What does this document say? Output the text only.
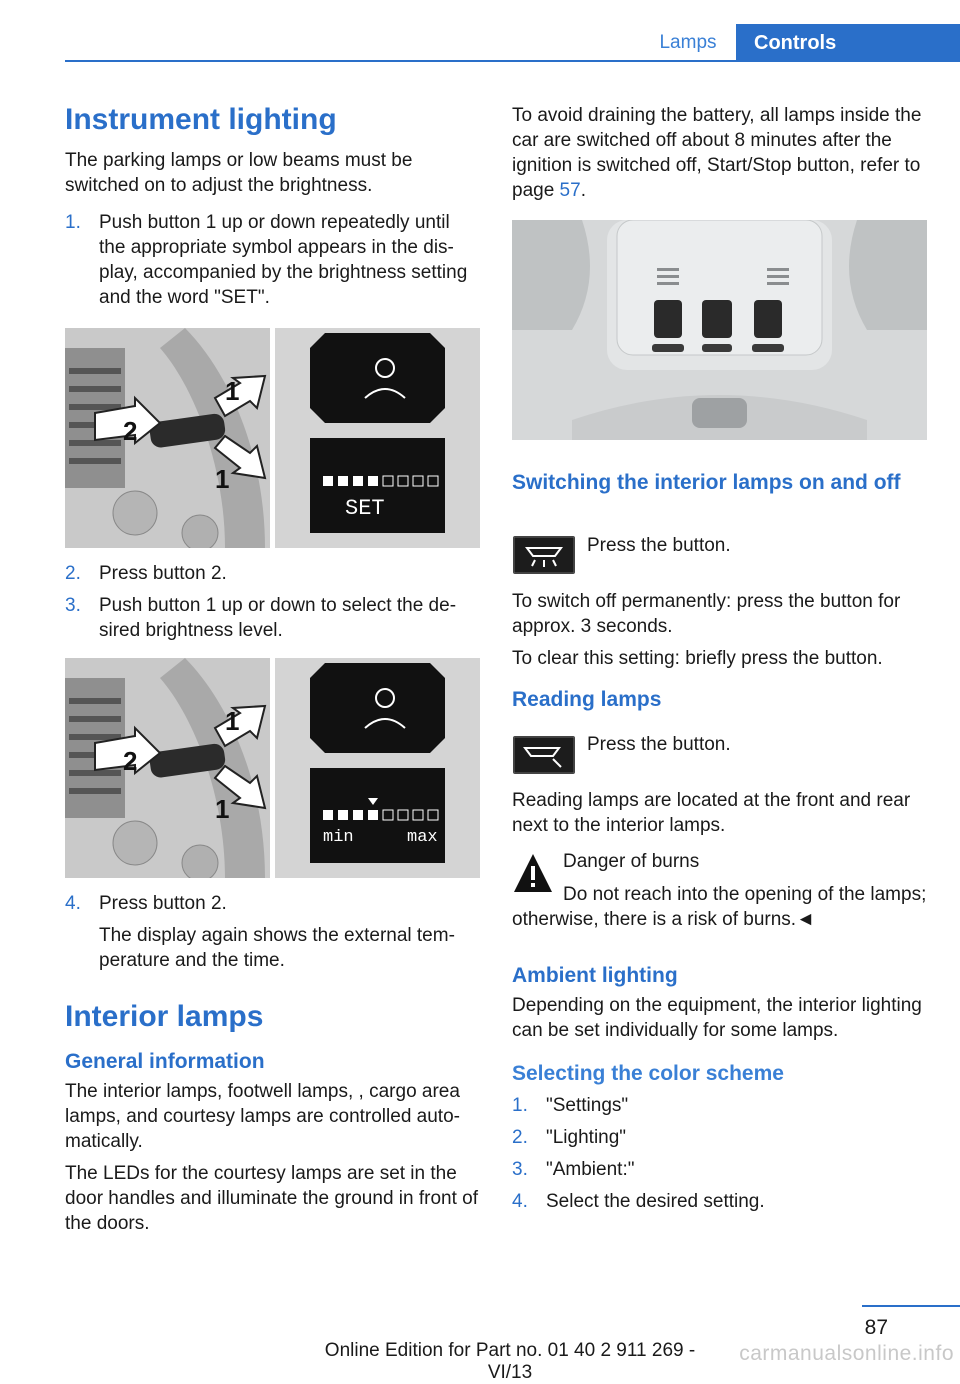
Lamps	Controls
Instrument lighting

The parking lamps or low beams must be switched on to adjust the brightness.

1. Push button 1 up or down repeatedly until the appropriate symbol appears in the display, accompanied by the brightness setting and the word "SET".
2
1
1
SET
2. Press button 2.
3. Push button 1 up or down to select the desired brightness level.
2
1
1
min	max
4. Press button 2.

The display again shows the external temperature and the time.

Interior lamps
General information

The interior lamps, footwell lamps, , cargo area lamps, and courtesy lamps are controlled automatically.

The LEDs for the courtesy lamps are set in the door handles and illuminate the ground in front of the doors.

To avoid draining the battery, all lamps inside the car are switched off about 8 minutes after the ignition is switched off, Start/Stop button, refer to page 57.

Switching the interior lamps on and off

Press the button.

To switch off permanently: press the button for approx. 3 seconds.

To clear this setting: briefly press the button.

Reading lamps

Press the button.

Reading lamps are located at the front and rear next to the interior lamps.

Danger of burns

Do not reach into the opening of the lamps; otherwise, there is a risk of burns.◄

Ambient lighting

Depending on the equipment, the interior lighting can be set individually for some lamps.

Selecting the color scheme
1. "Settings"
2. "Lighting"
3. "Ambient:"
4. Select the desired setting.
87
Online Edition for Part no. 01 40 2 911 269 - VI/13
carmanualsonline.info
